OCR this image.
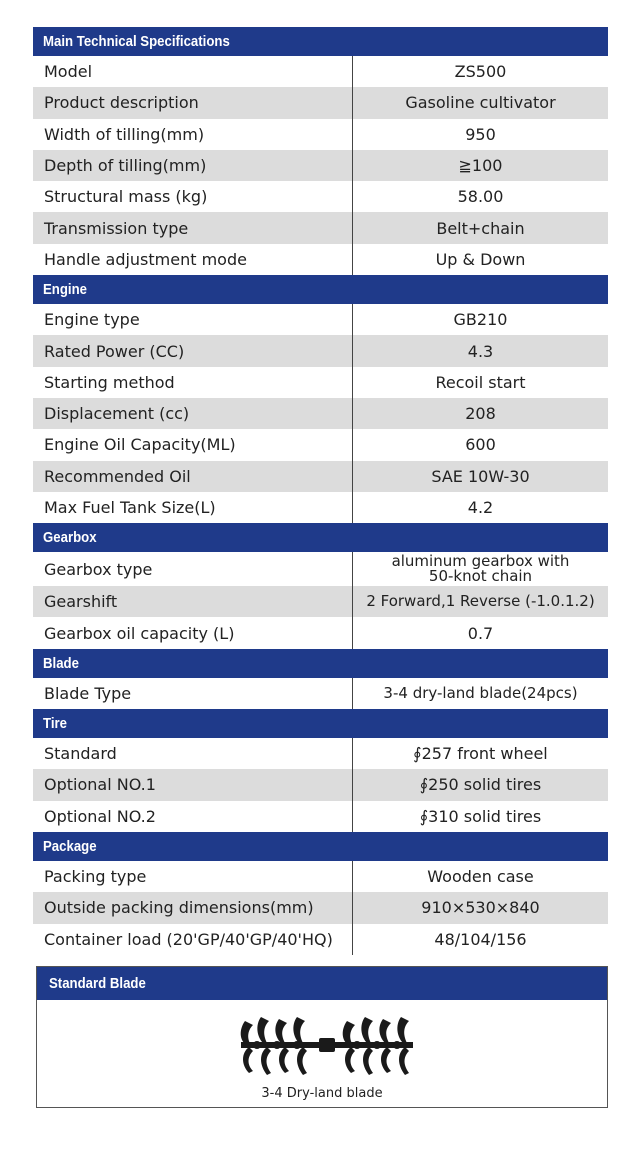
Main Technical Specifications
Model	ZS500
Product description	Gasoline cultivator
Width of tilling(mm)	950
Depth of tilling(mm)	≧100
Structural mass (kg)	58.00
Transmission type	Belt+chain
Handle adjustment mode	Up & Down
Engine
Engine type	GB210
Rated Power (CC)	4.3
Starting method	Recoil start
Displacement (cc)	208
Engine Oil Capacity(ML)	600
Recommended Oil	SAE 10W-30
Max Fuel Tank Size(L)	4.2
Gearbox
Gearbox type	aluminum gearbox with
50-knot chain
Gearshift	2 Forward,1 Reverse (-1.0.1.2)
Gearbox oil capacity (L)	0.7
Blade
Blade Type	3-4 dry-land blade(24pcs)
Tire
Standard	∮257 front wheel
Optional NO.1	∮250 solid tires
Optional NO.2	∮310 solid tires
Package
Packing type	Wooden case
Outside packing dimensions(mm)	910×530×840
Container load (20'GP/40'GP/40'HQ)	48/104/156
Standard Blade
3-4 Dry-land blade
